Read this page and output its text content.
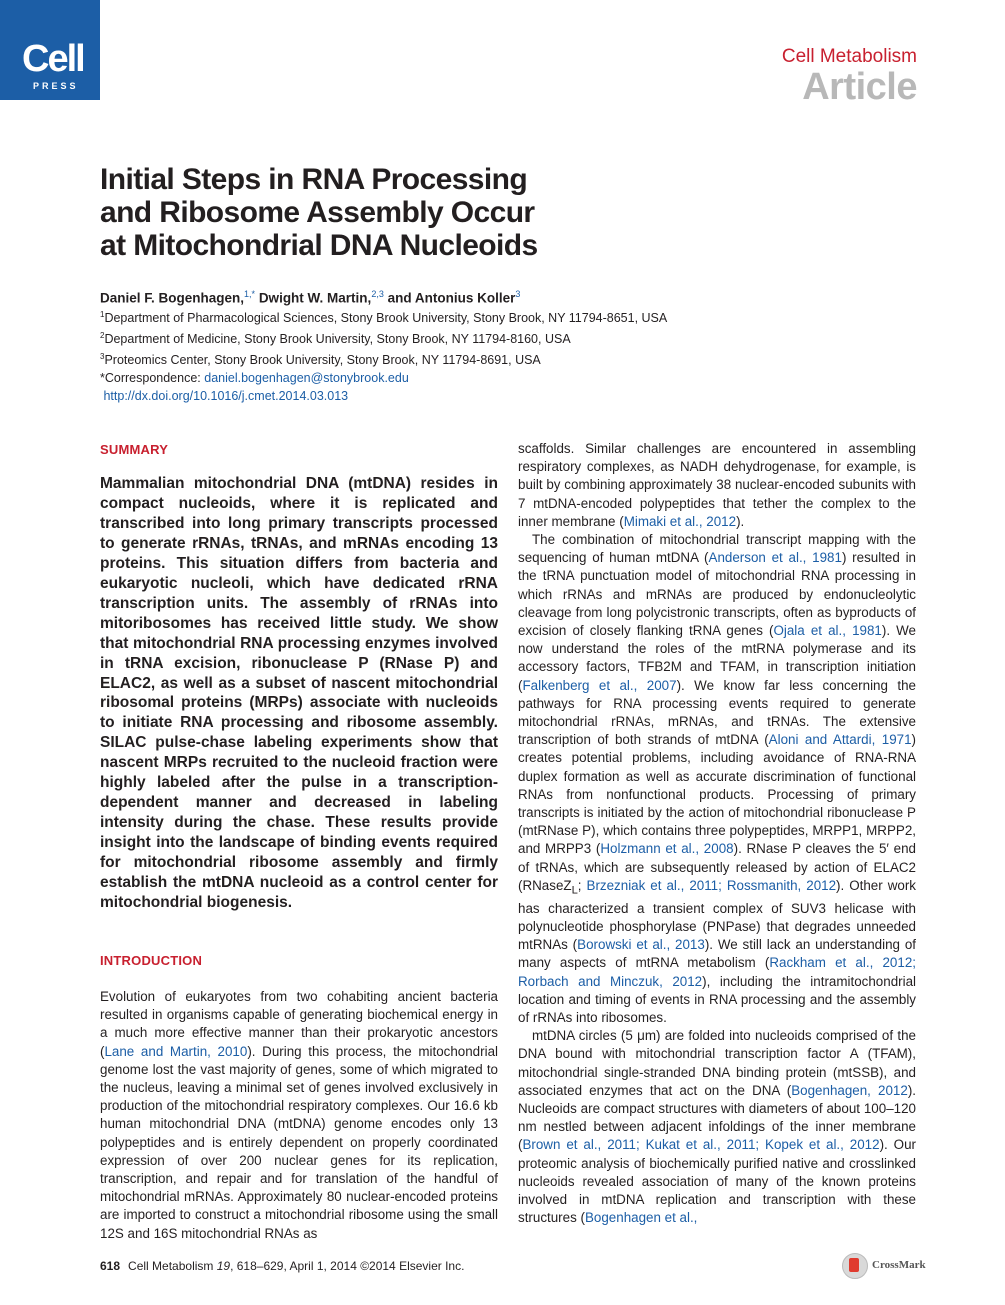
Cell
PRESS
Cell Metabolism
Article
Initial Steps in RNA Processing
and Ribosome Assembly Occur
at Mitochondrial DNA Nucleoids
Daniel F. Bogenhagen,$^{1,*}$ Dwight W. Martin,$^{2,3}$ and Antonius Koller$^3$
$^1$Department of Pharmacological Sciences, Stony Brook University, Stony Brook, NY 11794-8651, USA
$^2$Department of Medicine, Stony Brook University, Stony Brook, NY 11794-8160, USA
$^3$Proteomics Center, Stony Brook University, Stony Brook, NY 11794-8691, USA
*Correspondence: daniel.bogenhagen@stonybrook.edu
http://dx.doi.org/10.1016/j.cmet.2014.03.013
SUMMARY
Mammalian mitochondrial DNA (mtDNA) resides in compact nucleoids, where it is replicated and transcribed into long primary transcripts processed to generate rRNAs, tRNAs, and mRNAs encoding 13 proteins. This situation differs from bacteria and eukaryotic nucleoli, which have dedicated rRNA transcription units. The assembly of rRNAs into mitoribosomes has received little study. We show that mitochondrial RNA processing enzymes involved in tRNA excision, ribonuclease P (RNase P) and ELAC2, as well as a subset of nascent mitochondrial ribosomal proteins (MRPs) associate with nucleoids to initiate RNA processing and ribosome assembly. SILAC pulse-chase labeling experiments show that nascent MRPs recruited to the nucleoid fraction were highly labeled after the pulse in a transcription-dependent manner and decreased in labeling intensity during the chase. These results provide insight into the landscape of binding events required for mitochondrial ribosome assembly and firmly establish the mtDNA nucleoid as a control center for mitochondrial biogenesis.
INTRODUCTION

Evolution of eukaryotes from two cohabiting ancient bacteria resulted in organisms capable of generating biochemical energy in a much more effective manner than their prokaryotic ancestors (Lane and Martin, 2010). During this process, the mitochondrial genome lost the vast majority of genes, some of which migrated to the nucleus, leaving a minimal set of genes involved exclusively in production of the mitochondrial respiratory complexes. Our 16.6 kb human mitochondrial DNA (mtDNA) genome encodes only 13 polypeptides and is entirely dependent on properly coordinated expression of over 200 nuclear genes for its replication, transcription, and repair and for translation of the handful of mitochondrial mRNAs. Approximately 80 nuclear-encoded proteins are imported to construct a mitochondrial ribosome using the small 12S and 16S mitochondrial RNAs as

scaffolds. Similar challenges are encountered in assembling respiratory complexes, as NADH dehydrogenase, for example, is built by combining approximately 38 nuclear-encoded subunits with 7 mtDNA-encoded polypeptides that tether the complex to the inner membrane (Mimaki et al., 2012).

The combination of mitochondrial transcript mapping with the sequencing of human mtDNA (Anderson et al., 1981) resulted in the tRNA punctuation model of mitochondrial RNA processing in which rRNAs and mRNAs are produced by endonucleolytic cleavage from long polycistronic transcripts, often as byproducts of excision of closely flanking tRNA genes (Ojala et al., 1981). We now understand the roles of the mtRNA polymerase and its accessory factors, TFB2M and TFAM, in transcription initiation (Falkenberg et al., 2007). We know far less concerning the pathways for RNA processing events required to generate mitochondrial rRNAs, mRNAs, and tRNAs. The extensive transcription of both strands of mtDNA (Aloni and Attardi, 1971) creates potential problems, including avoidance of RNA-RNA duplex formation as well as accurate discrimination of functional RNAs from nonfunctional products. Processing of primary transcripts is initiated by the action of mitochondrial ribonuclease P (mtRNase P), which contains three polypeptides, MRPP1, MRPP2, and MRPP3 (Holzmann et al., 2008). RNase P cleaves the 5′ end of tRNAs, which are subsequently released by action of ELAC2 (RNaseZ$_L$; Brzezniak et al., 2011; Rossmanith, 2012). Other work has characterized a transient complex of SUV3 helicase with polynucleotide phosphorylase (PNPase) that degrades unneeded mtRNAs (Borowski et al., 2013). We still lack an understanding of many aspects of mtRNA metabolism (Rackham et al., 2012; Rorbach and Minczuk, 2012), including the intramitochondrial location and timing of events in RNA processing and the assembly of rRNAs into ribosomes.

mtDNA circles (5 μm) are folded into nucleoids comprised of the DNA bound with mitochondrial transcription factor A (TFAM), mitochondrial single-stranded DNA binding protein (mtSSB), and associated enzymes that act on the DNA (Bogenhagen, 2012). Nucleoids are compact structures with diameters of about 100–120 nm nestled between adjacent infoldings of the inner membrane (Brown et al., 2011; Kukat et al., 2011; Kopek et al., 2012). Our proteomic analysis of biochemically purified native and crosslinked nucleoids revealed association of many of the known proteins involved in mtDNA replication and transcription with these structures (Bogenhagen et al.,

618 Cell Metabolism 19, 618–629, April 1, 2014 ©2014 Elsevier Inc.	CrossMark
